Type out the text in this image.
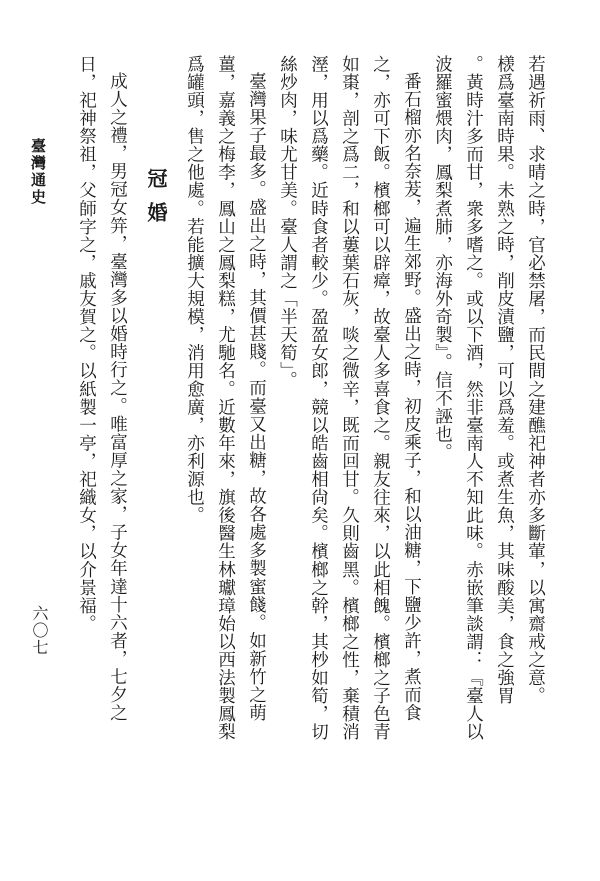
若遇祈雨、求晴之時，官必禁屠，而民間之建醮祀神者亦多斷葷，以寓齋戒之意。
檨爲臺南時果。未熟之時，削皮漬鹽，可以爲羞。或煮生魚，其味酸美，食之強胃
。黃時汁多而甘，衆多嗜之。或以下酒，然非臺南人不知此味。赤嵌筆談謂：『臺人以
波羅蜜煨肉，鳳梨煮肺，亦海外奇製』。信不誣也。
番石榴亦名奈茇，遍生郊野。盛出之時，初皮乘子，和以油糖，下鹽少許，煮而食
之，亦可下飯。檳榔可以辟瘴，故臺人多喜食之。親友往來，以此相餽。檳榔之子色青
如棗，剖之爲二，和以蔞葉石灰，啖之微辛，既而回甘。久則齒黑。檳榔之性，棄積消
溼，用以爲藥。近時食者較少。盈盈女郎，競以皓齒相尙矣。檳榔之幹，其杪如筍，切
絲炒肉，味尤甘美。臺人謂之「半天筍」。
臺灣果子最多。盛出之時，其價甚賤。而臺又出糖，故各處多製蜜餞。如新竹之萌
薑，嘉義之梅李，鳳山之鳳梨糕，尤馳名。近數年來，旗後醫生林瓛璋始以西法製鳳梨
爲罐頭，售之他處。若能擴大規模，消用愈廣，亦利源也。
冠婚
成人之禮，男冠女笄，臺灣多以婚時行之。唯富厚之家，子女年達十六者，七夕之
日，祀神祭祖，父師字之，戚友賀之。以紙製一亭，祀織女，以介景福。
臺灣通史
六〇七
